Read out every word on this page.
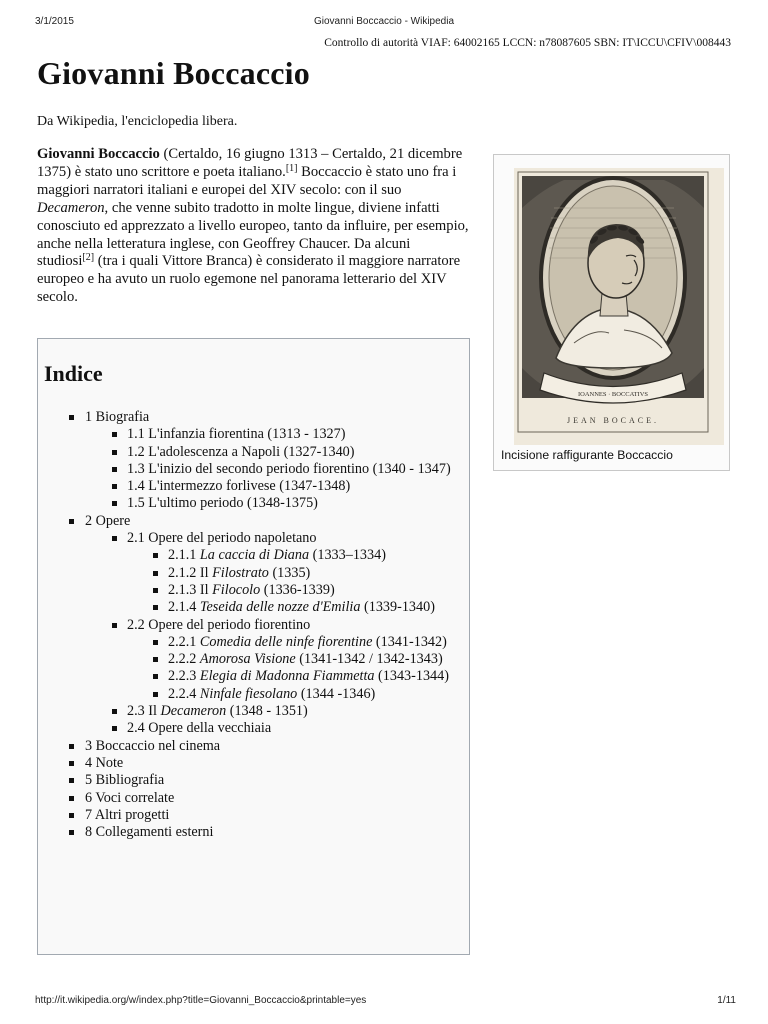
3/1/2015	Giovanni Boccaccio - Wikipedia
Controllo di autorità VIAF: 64002165 LCCN: n78087605 SBN: IT\ICCU\CFIV\008443
Giovanni Boccaccio
Da Wikipedia, l'enciclopedia libera.

Giovanni Boccaccio (Certaldo, 16 giugno 1313 – Certaldo, 21 dicembre 1375) è stato uno scrittore e poeta italiano.[1] Boccaccio è stato uno fra i maggiori narratori italiani e europei del XIV secolo: con il suo Decameron, che venne subito tradotto in molte lingue, diviene infatti conosciuto ed apprezzato a livello europeo, tanto da influire, per esempio, anche nella letteratura inglese, con Geoffrey Chaucer. Da alcuni studiosi[2] (tra i quali Vittore Branca) è considerato il maggiore narratore europeo e ha avuto un ruolo egemone nel panorama letterario del XIV secolo.

IOANNES · BOCCATIVS
JEAN BOCACE.
Incisione raffigurante Boccaccio
Indice
1 Biografia
1.1 L'infanzia fiorentina (1313 - 1327)
1.2 L'adolescenza a Napoli (1327-1340)
1.3 L'inizio del secondo periodo fiorentino (1340 - 1347)
1.4 L'intermezzo forlivese (1347-1348)
1.5 L'ultimo periodo (1348-1375)
2 Opere
2.1 Opere del periodo napoletano
2.1.1 La caccia di Diana (1333–1334)
2.1.2 Il Filostrato (1335)
2.1.3 Il Filocolo (1336-1339)
2.1.4 Teseida delle nozze d'Emilia (1339-1340)
2.2 Opere del periodo fiorentino
2.2.1 Comedia delle ninfe fiorentine (1341-1342)
2.2.2 Amorosa Visione (1341-1342 / 1342-1343)
2.2.3 Elegia di Madonna Fiammetta (1343-1344)
2.2.4 Ninfale fiesolano (1344 -1346)
2.3 Il Decameron (1348 - 1351)
2.4 Opere della vecchiaia
3 Boccaccio nel cinema
4 Note
5 Bibliografia
6 Voci correlate
7 Altri progetti
8 Collegamenti esterni
http://it.wikipedia.org/w/index.php?title=Giovanni_Boccaccio&printable=yes	1/11
